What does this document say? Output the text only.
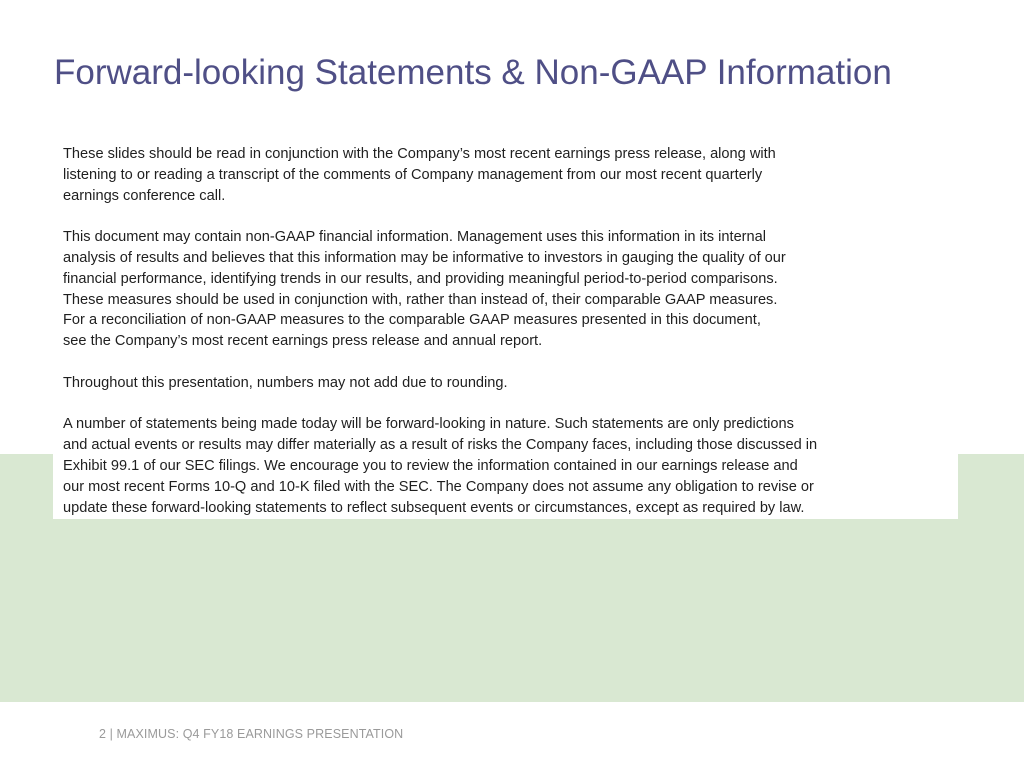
Forward-looking Statements & Non-GAAP Information

These slides should be read in conjunction with the Company’s most recent earnings press release, along with
listening to or reading a transcript of the comments of Company management from our most recent quarterly
earnings conference call.

This document may contain non-GAAP financial information. Management uses this information in its internal
analysis of results and believes that this information may be informative to investors in gauging the quality of our
financial performance, identifying trends in our results, and providing meaningful period-to-period comparisons.
These measures should be used in conjunction with, rather than instead of, their comparable GAAP measures.
For a reconciliation of non-GAAP measures to the comparable GAAP measures presented in this document,
see the Company’s most recent earnings press release and annual report.

Throughout this presentation, numbers may not add due to rounding.

A number of statements being made today will be forward-looking in nature. Such statements are only predictions
and actual events or results may differ materially as a result of risks the Company faces, including those discussed in
Exhibit 99.1 of our SEC filings. We encourage you to review the information contained in our earnings release and
our most recent Forms 10-Q and 10-K filed with the SEC. The Company does not assume any obligation to revise or
update these forward-looking statements to reflect subsequent events or circumstances, except as required by law.

2 | MAXIMUS: Q4 FY18 EARNINGS PRESENTATION
